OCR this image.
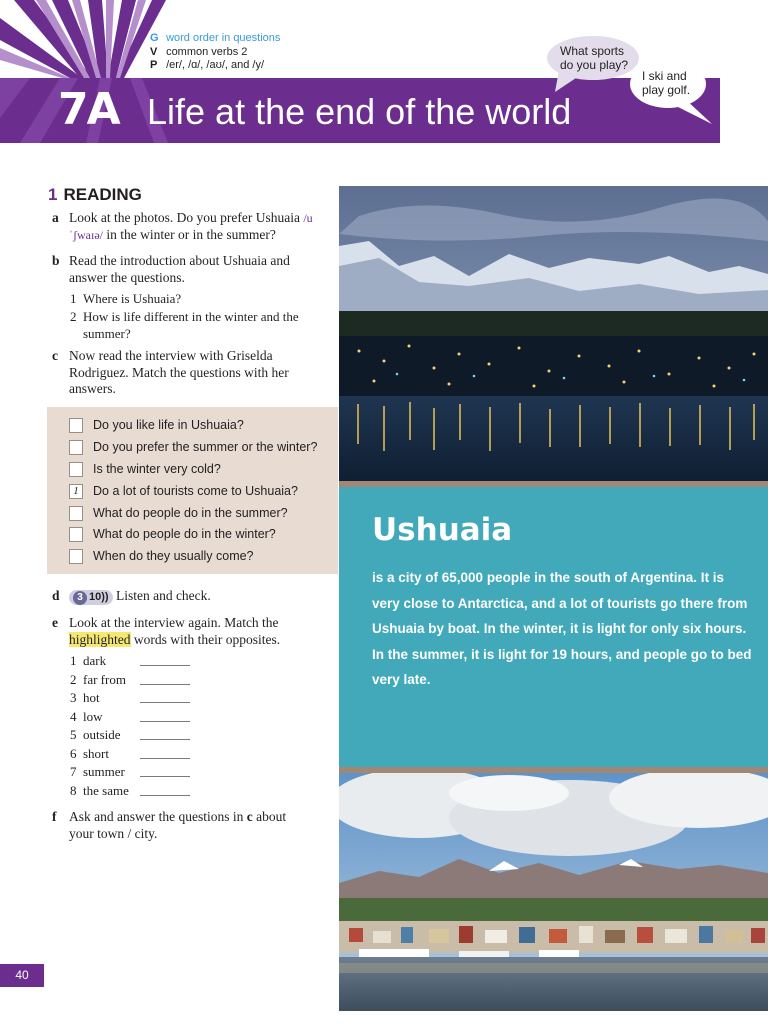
7A Life at the end of the world
G word order in questions
V common verbs 2
P /er/, /ɑ/, /aʊ/, and /y/
What sports do you play?
I ski and play golf.
1 READING
a Look at the photos. Do you prefer Ushuaia /uˈʃwaɪə/ in the winter or in the summer?
b Read the introduction about Ushuaia and answer the questions.
1 Where is Ushuaia?
2 How is life different in the winter and the summer?
c Now read the interview with Griselda Rodriguez. Match the questions with her answers.
Do you like life in Ushuaia?
Do you prefer the summer or the winter?
Is the winter very cold?
1	Do a lot of tourists come to Ushuaia?
What do people do in the summer?
What do people do in the winter?
When do they usually come?
d	3 10)) Listen and check.
e Look at the interview again. Match the highlighted words with their opposites.
1 dark
2 far from
3 hot
4 low
5 outside
6 short
7 summer
8 the same
f Ask and answer the questions in c about your town / city.
40
Ushuaia
is a city of 65,000 people in the south of Argentina. It is very close to Antarctica, and a lot of tourists go there from Ushuaia by boat. In the winter, it is light for only six hours. In the summer, it is light for 19 hours, and people go to bed very late.
